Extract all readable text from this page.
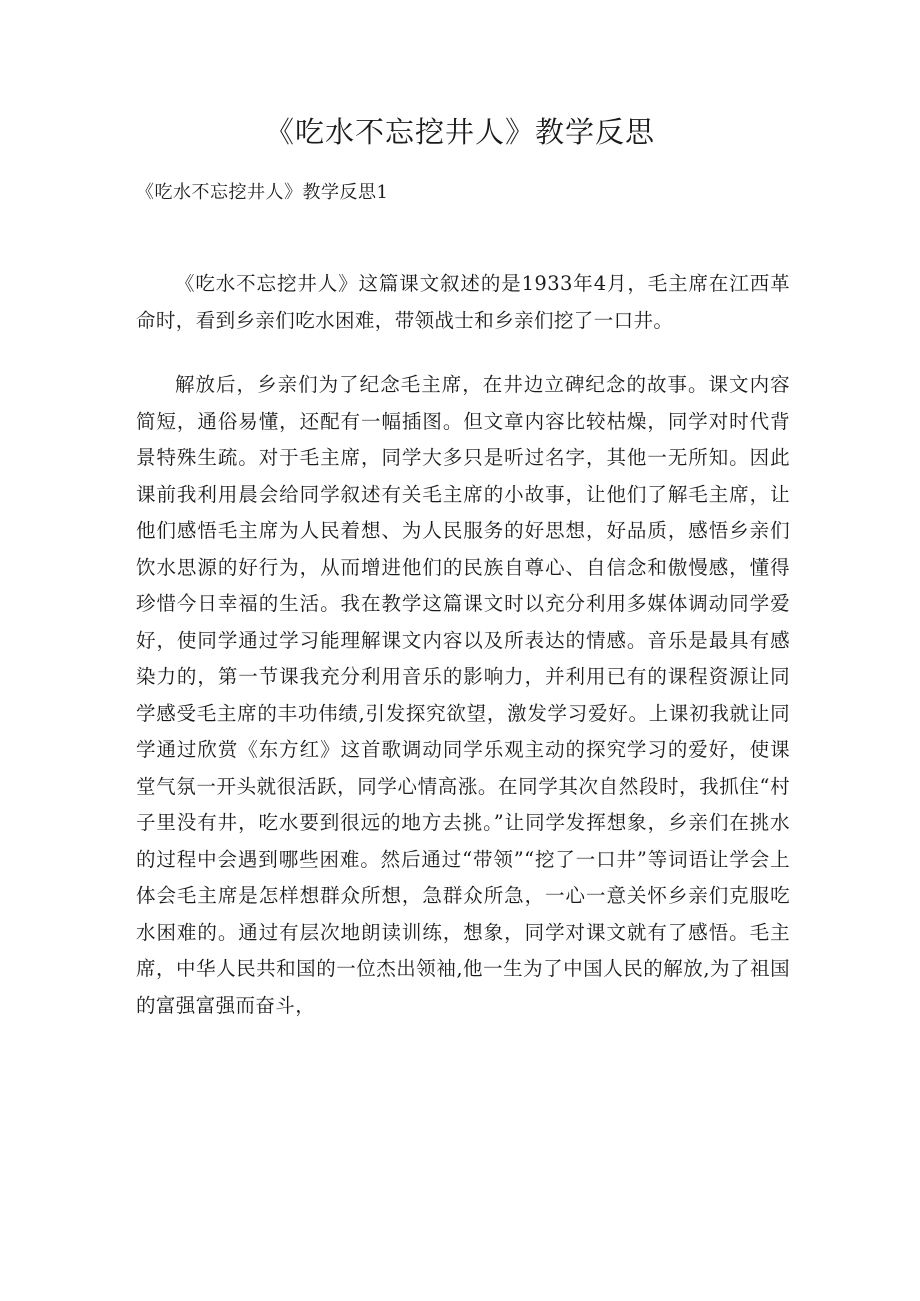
《吃水不忘挖井人》教学反思
《吃水不忘挖井人》教学反思1

《吃水不忘挖井人》这篇课文叙述的是1933年4月，毛主席在江西革命时，看到乡亲们吃水困难，带领战士和乡亲们挖了一口井。

解放后，乡亲们为了纪念毛主席，在井边立碑纪念的故事。课文内容简短，通俗易懂，还配有一幅插图。但文章内容比较枯燥，同学对时代背景特殊生疏。对于毛主席，同学大多只是听过名字，其他一无所知。因此课前我利用晨会给同学叙述有关毛主席的小故事，让他们了解毛主席，让他们感悟毛主席为人民着想、为人民服务的好思想，好品质，感悟乡亲们饮水思源的好行为，从而增进他们的民族自尊心、自信念和傲慢感，懂得珍惜今日幸福的生活。我在教学这篇课文时以充分利用多媒体调动同学爱好，使同学通过学习能理解课文内容以及所表达的情感。音乐是最具有感染力的，第一节课我充分利用音乐的影响力，并利用已有的课程资源让同学感受毛主席的丰功伟绩,引发探究欲望，激发学习爱好。上课初我就让同学通过欣赏《东方红》这首歌调动同学乐观主动的探究学习的爱好，使课堂气氛一开头就很活跃，同学心情高涨。在同学其次自然段时，我抓住“村子里没有井，吃水要到很远的地方去挑。”让同学发挥想象，乡亲们在挑水的过程中会遇到哪些困难。然后通过“带领”“挖了一口井”等词语让学会上体会毛主席是怎样想群众所想，急群众所急，一心一意关怀乡亲们克服吃水困难的。通过有层次地朗读训练，想象，同学对课文就有了感悟。毛主席，中华人民共和国的一位杰出领袖,他一生为了中国人民的解放,为了祖国的富强富强而奋斗，
